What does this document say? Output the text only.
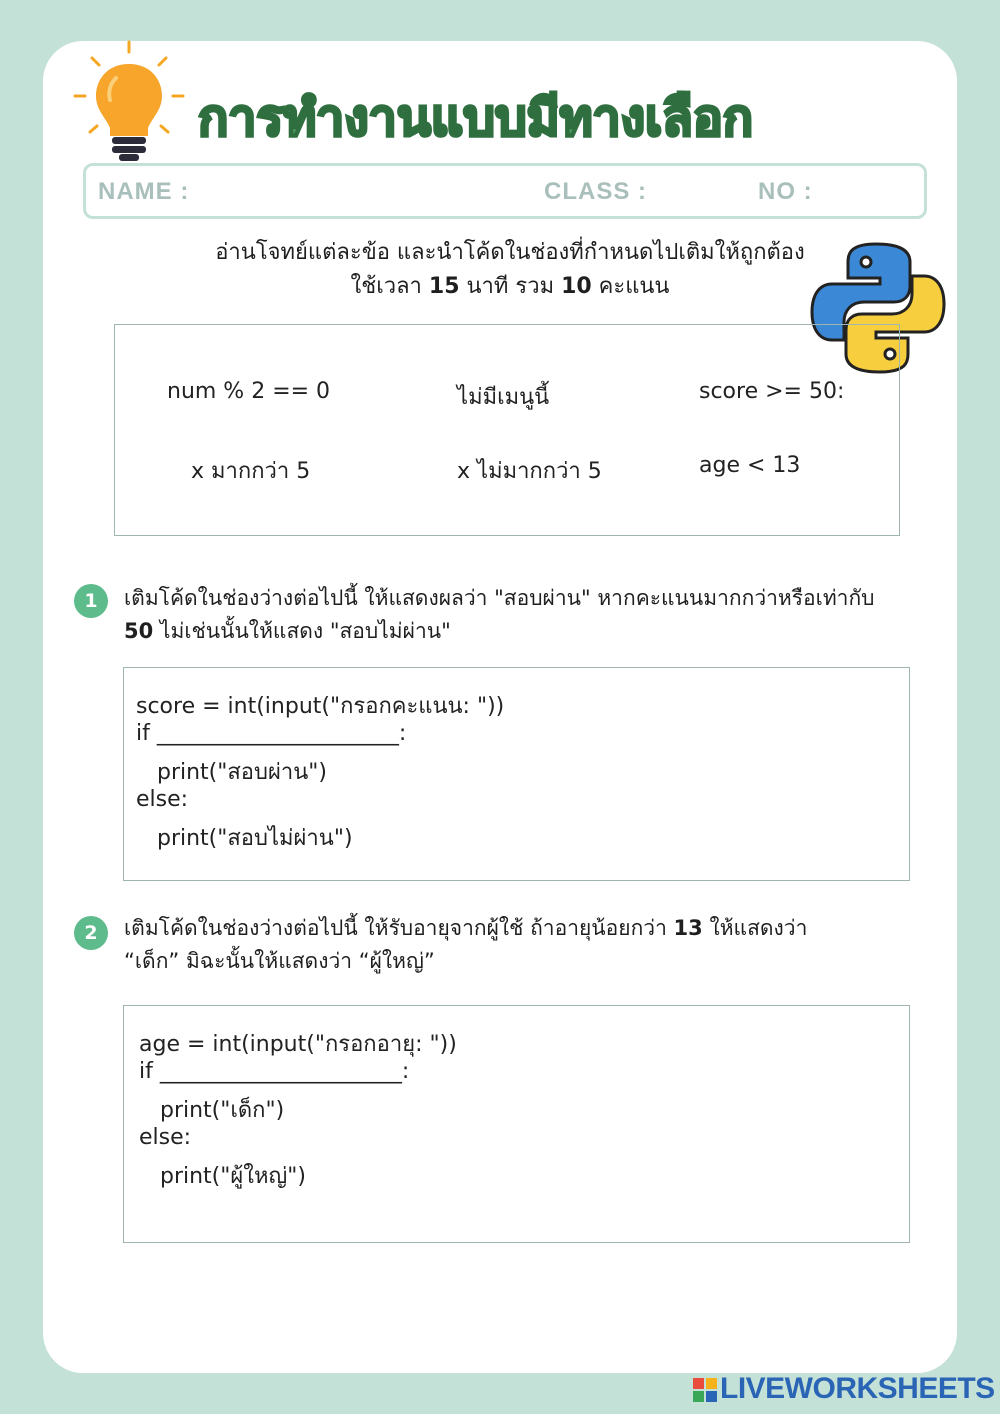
การทำงานแบบมีทางเลือก
NAME :	CLASS :	NO :
อ่านโจทย์แต่ละข้อ และนำโค้ดในช่องที่กำหนดไปเติมให้ถูกต้อง
ใช้เวลา 15 นาที รวม 10 คะแนน
num % 2 == 0	ไม่มีเมนูนี้	score >= 50:
x มากกว่า 5	x ไม่มากกว่า 5	age < 13
1	เติมโค้ดในช่องว่างต่อไปนี้ ให้แสดงผลว่า "สอบผ่าน" หากคะแนนมากกว่าหรือเท่ากับ
50 ไม่เช่นนั้นให้แสดง "สอบไม่ผ่าน"
score = int(input("กรอกคะแนน: "))
if ______________________:
print("สอบผ่าน")
else:
print("สอบไม่ผ่าน")
2	เติมโค้ดในช่องว่างต่อไปนี้ ให้รับอายุจากผู้ใช้ ถ้าอายุน้อยกว่า 13 ให้แสดงว่า
“เด็ก” มิฉะนั้นให้แสดงว่า “ผู้ใหญ่”
age = int(input("กรอกอายุ: "))
if ______________________:
print("เด็ก")
else:
print("ผู้ใหญ่")
LIVEWORKSHEETS
